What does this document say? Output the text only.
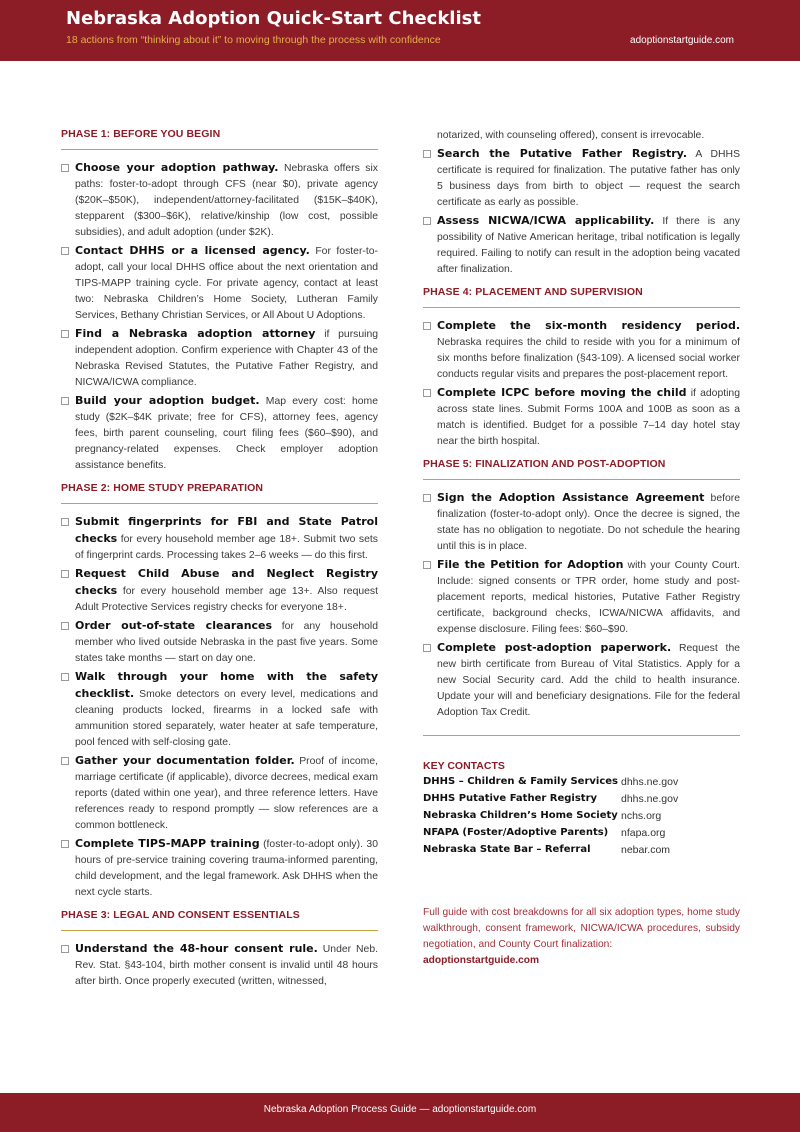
Nebraska Adoption Quick-Start Checklist
18 actions from “thinking about it” to moving through the process with confidence	adoptionstartguide.com
PHASE 1: BEFORE YOU BEGIN
Choose your adoption pathway. Nebraska offers six paths: foster-to-adopt through CFS (near $0), private agency ($20K–$50K), independent/attorney-facilitated ($15K–$40K), stepparent ($300–$6K), relative/kinship (low cost, possible subsidies), and adult adoption (under $2K).
Contact DHHS or a licensed agency. For foster-to-adopt, call your local DHHS office about the next orientation and TIPS-MAPP training cycle. For private agency, contact at least two: Nebraska Children’s Home Society, Lutheran Family Services, Bethany Christian Services, or All About U Adoptions.
Find a Nebraska adoption attorney if pursuing independent adoption. Confirm experience with Chapter 43 of the Nebraska Revised Statutes, the Putative Father Registry, and NICWA/ICWA compliance.
Build your adoption budget. Map every cost: home study ($2K–$4K private; free for CFS), attorney fees, agency fees, birth parent counseling, court filing fees ($60–$90), and pregnancy-related expenses. Check employer adoption assistance benefits.
PHASE 2: HOME STUDY PREPARATION
Submit fingerprints for FBI and State Patrol checks for every household member age 18+. Submit two sets of fingerprint cards. Processing takes 2–6 weeks — do this first.
Request Child Abuse and Neglect Registry checks for every household member age 13+. Also request Adult Protective Services registry checks for everyone 18+.
Order out-of-state clearances for any household member who lived outside Nebraska in the past five years. Some states take months — start on day one.
Walk through your home with the safety checklist. Smoke detectors on every level, medications and cleaning products locked, firearms in a locked safe with ammunition stored separately, water heater at safe temperature, pool fenced with self-closing gate.
Gather your documentation folder. Proof of income, marriage certificate (if applicable), divorce decrees, medical exam reports (dated within one year), and three reference letters. Have references ready to respond promptly — slow references are a common bottleneck.
Complete TIPS-MAPP training (foster-to-adopt only). 30 hours of pre-service training covering trauma-informed parenting, child development, and the legal framework. Ask DHHS when the next cycle starts.
PHASE 3: LEGAL AND CONSENT ESSENTIALS
Understand the 48-hour consent rule. Under Neb. Rev. Stat. §43-104, birth mother consent is invalid until 48 hours after birth. Once properly executed (written, witnessed,
notarized, with counseling offered), consent is irrevocable.
Search the Putative Father Registry. A DHHS certificate is required for finalization. The putative father has only 5 business days from birth to object — request the search certificate as early as possible.
Assess NICWA/ICWA applicability. If there is any possibility of Native American heritage, tribal notification is legally required. Failing to notify can result in the adoption being vacated after finalization.
PHASE 4: PLACEMENT AND SUPERVISION
Complete the six-month residency period. Nebraska requires the child to reside with you for a minimum of six months before finalization (§43-109). A licensed social worker conducts regular visits and prepares the post-placement report.
Complete ICPC before moving the child if adopting across state lines. Submit Forms 100A and 100B as soon as a match is identified. Budget for a possible 7–14 day hotel stay near the birth hospital.
PHASE 5: FINALIZATION AND POST-ADOPTION
Sign the Adoption Assistance Agreement before finalization (foster-to-adopt only). Once the decree is signed, the state has no obligation to negotiate. Do not schedule the hearing until this is in place.
File the Petition for Adoption with your County Court. Include: signed consents or TPR order, home study and post-placement reports, medical histories, Putative Father Registry certificate, background checks, ICWA/NICWA affidavits, and expense disclosure. Filing fees: $60–$90.
Complete post-adoption paperwork. Request the new birth certificate from Bureau of Vital Statistics. Apply for a new Social Security card. Add the child to health insurance. Update your will and beneficiary designations. File for the federal Adoption Tax Credit.
KEY CONTACTS
DHHS – Children & Family Services dhhs.ne.gov
DHHS Putative Father Registry dhhs.ne.gov
Nebraska Children’s Home Society nchs.org
NFAPA (Foster/Adoptive Parents) nfapa.org
Nebraska State Bar – Referral	nebar.com
Full guide with cost breakdowns for all six adoption types, home study walkthrough, consent framework, NICWA/ICWA procedures, subsidy negotiation, and County Court finalization:
adoptionstartguide.com
Nebraska Adoption Process Guide — adoptionstartguide.com
